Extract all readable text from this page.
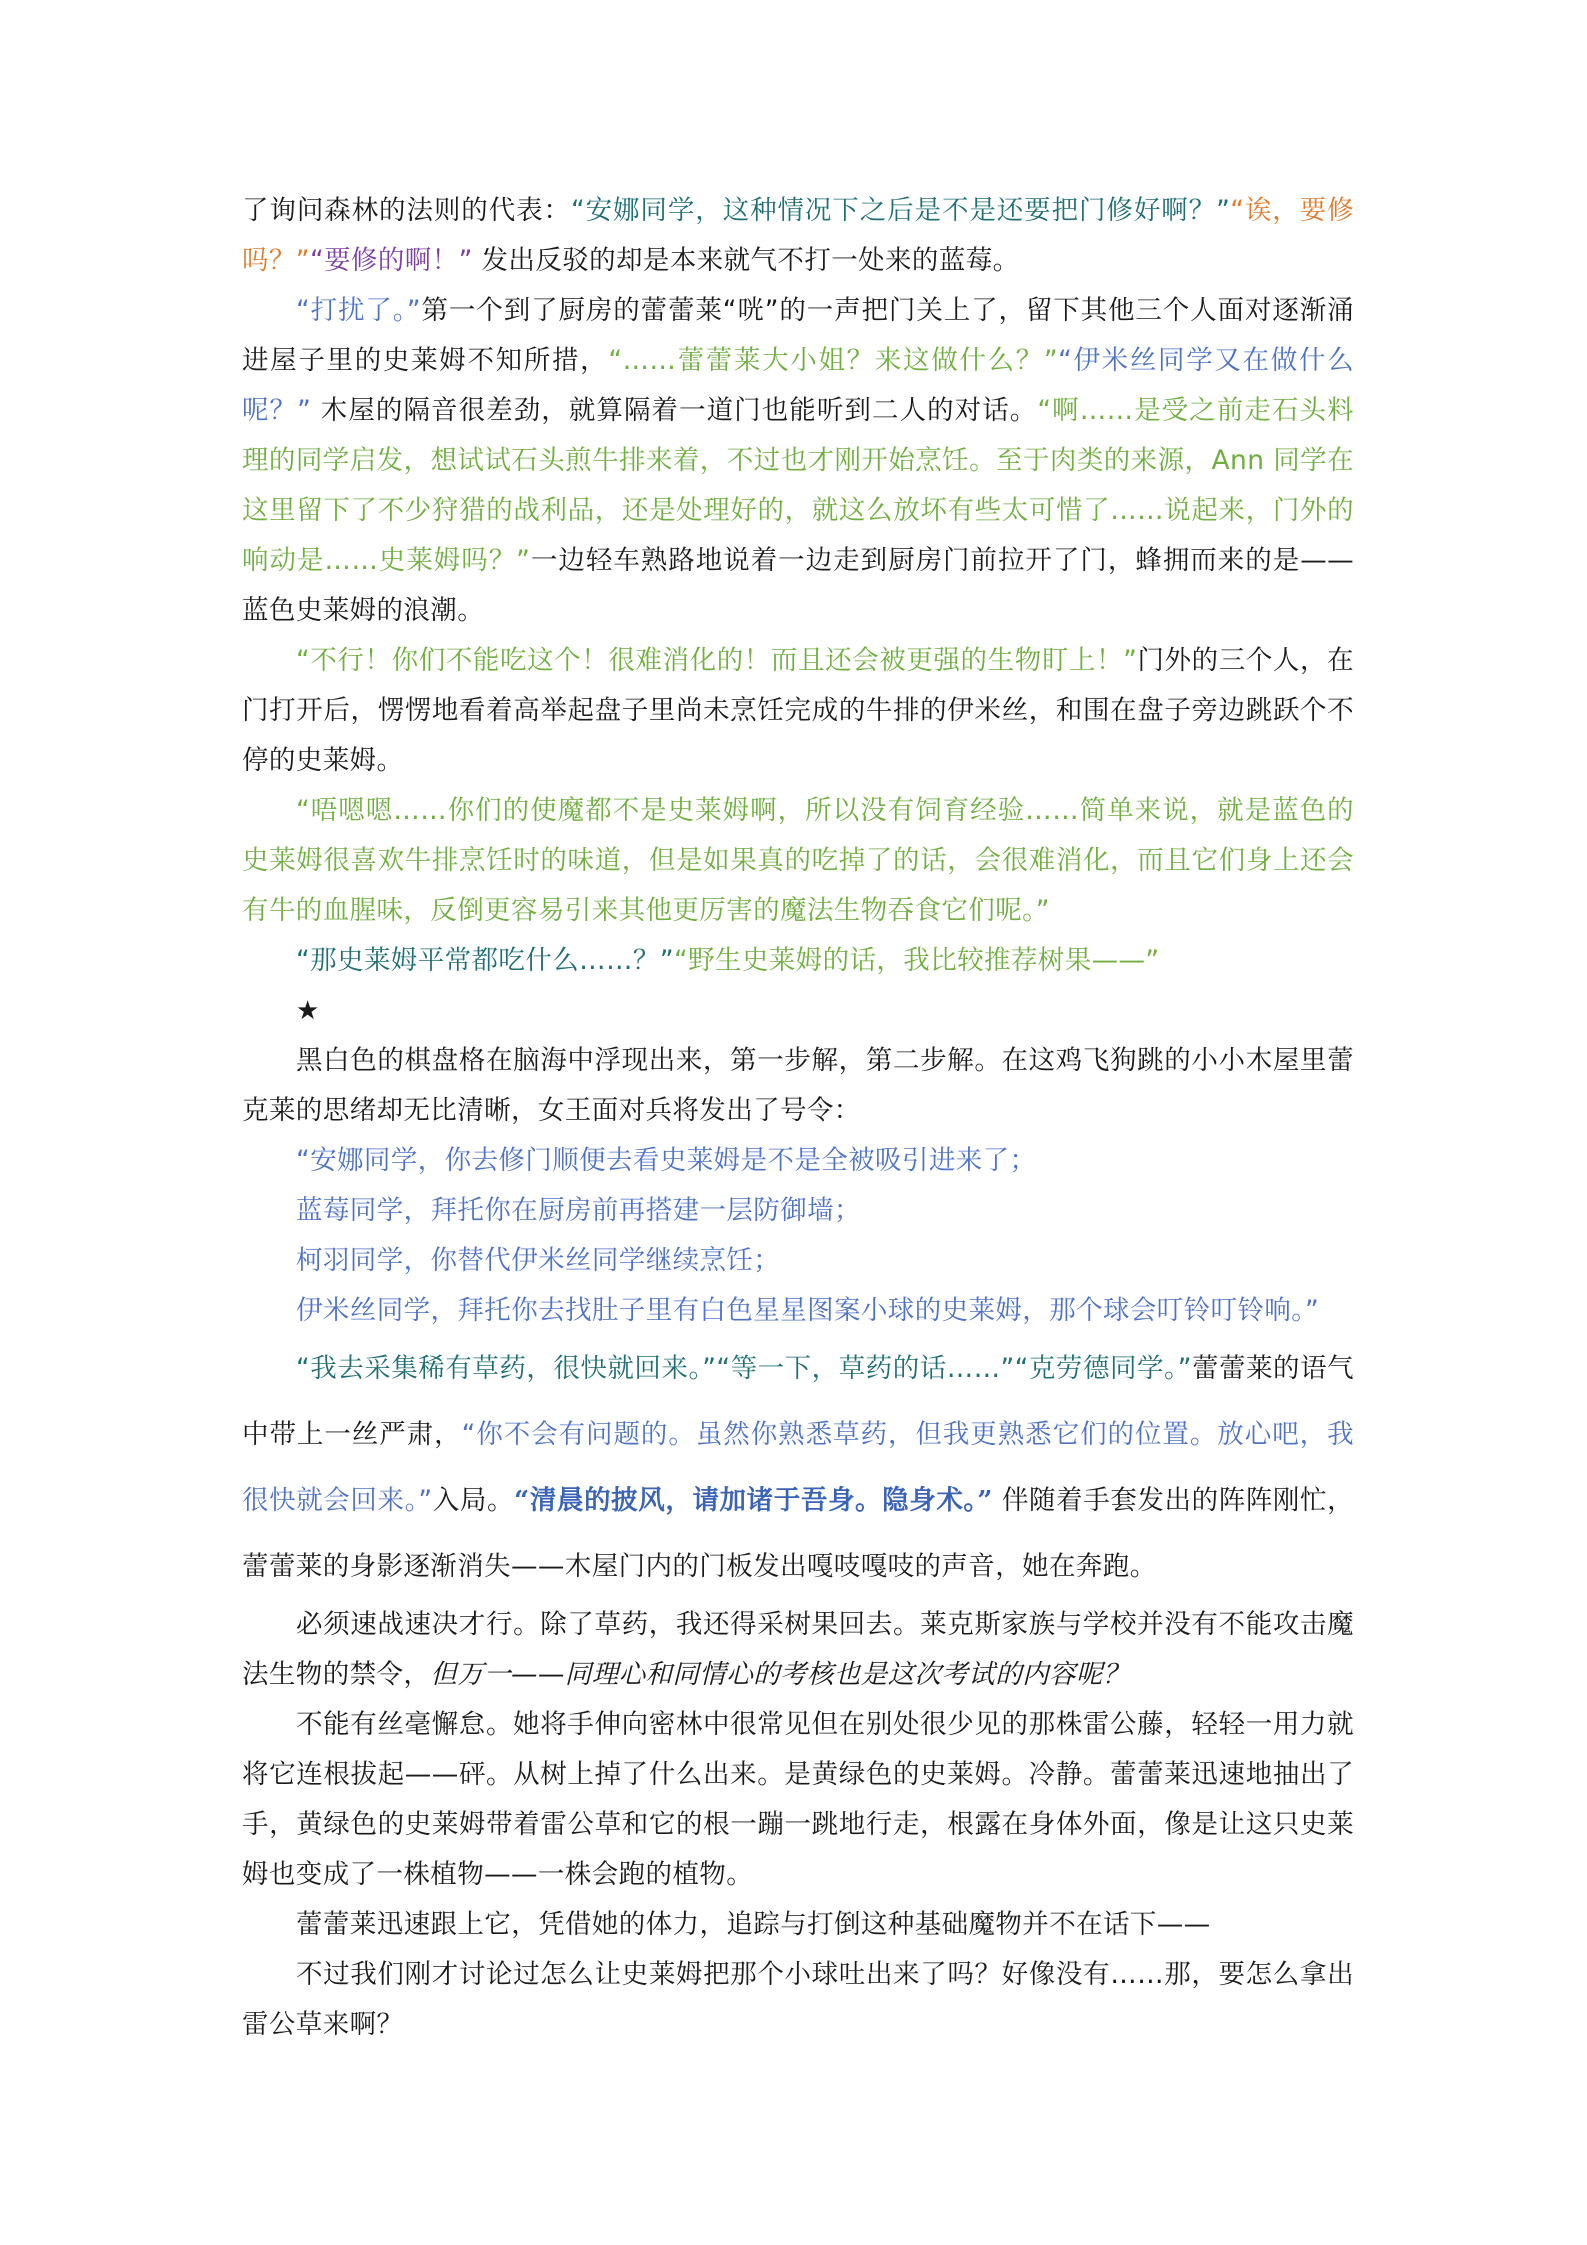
了询问森林的法则的代表：“安娜同学，这种情况下之后是不是还要把门修好啊？”“诶，要修吗？”“要修的啊！” 发出反驳的却是本来就气不打一处来的蓝莓。

“打扰了。”第一个到了厨房的蕾蕾莱“咣”的一声把门关上了，留下其他三个人面对逐渐涌进屋子里的史莱姆不知所措，“……蕾蕾莱大小姐？来这做什么？”“伊米丝同学又在做什么呢？” 木屋的隔音很差劲，就算隔着一道门也能听到二人的对话。“啊……是受之前走石头料理的同学启发，想试试石头煎牛排来着，不过也才刚开始烹饪。至于肉类的来源，Ann 同学在这里留下了不少狩猎的战利品，还是处理好的，就这么放坏有些太可惜了……说起来，门外的响动是……史莱姆吗？”一边轻车熟路地说着一边走到厨房门前拉开了门，蜂拥而来的是——蓝色史莱姆的浪潮。

“不行！你们不能吃这个！很难消化的！而且还会被更强的生物盯上！”门外的三个人，在门打开后，愣愣地看着高举起盘子里尚未烹饪完成的牛排的伊米丝，和围在盘子旁边跳跃个不停的史莱姆。

“唔嗯嗯……你们的使魔都不是史莱姆啊，所以没有饲育经验……简单来说，就是蓝色的史莱姆很喜欢牛排烹饪时的味道，但是如果真的吃掉了的话，会很难消化，而且它们身上还会有牛的血腥味，反倒更容易引来其他更厉害的魔法生物吞食它们呢。”

“那史莱姆平常都吃什么……？”“野生史莱姆的话，我比较推荐树果——”

★

黑白色的棋盘格在脑海中浮现出来，第一步解，第二步解。在这鸡飞狗跳的小小木屋里蕾克莱的思绪却无比清晰，女王面对兵将发出了号令：

“安娜同学，你去修门顺便去看史莱姆是不是全被吸引进来了；
蓝莓同学，拜托你在厨房前再搭建一层防御墙；
柯羽同学，你替代伊米丝同学继续烹饪；
伊米丝同学，拜托你去找肚子里有白色星星图案小球的史莱姆，那个球会叮铃叮铃响。”

“我去采集稀有草药，很快就回来。”“等一下，草药的话……”“克劳德同学。”蕾蕾莱的语气中带上一丝严肃，“你不会有问题的。虽然你熟悉草药，但我更熟悉它们的位置。放心吧，我很快就会回来。”入局。“清晨的披风，请加诸于吾身。隐身术。” 伴随着手套发出的阵阵刚忙，蕾蕾莱的身影逐渐消失——木屋门内的门板发出嘎吱嘎吱的声音，她在奔跑。

必须速战速决才行。除了草药，我还得采树果回去。莱克斯家族与学校并没有不能攻击魔法生物的禁令，但万一——同理心和同情心的考核也是这次考试的内容呢？

不能有丝毫懈怠。她将手伸向密林中很常见但在别处很少见的那株雷公藤，轻轻一用力就将它连根拔起——砰。从树上掉了什么出来。是黄绿色的史莱姆。冷静。蕾蕾莱迅速地抽出了手，黄绿色的史莱姆带着雷公草和它的根一蹦一跳地行走，根露在身体外面，像是让这只史莱姆也变成了一株植物——一株会跑的植物。

蕾蕾莱迅速跟上它，凭借她的体力，追踪与打倒这种基础魔物并不在话下——

不过我们刚才讨论过怎么让史莱姆把那个小球吐出来了吗？好像没有……那，要怎么拿出雷公草来啊？
